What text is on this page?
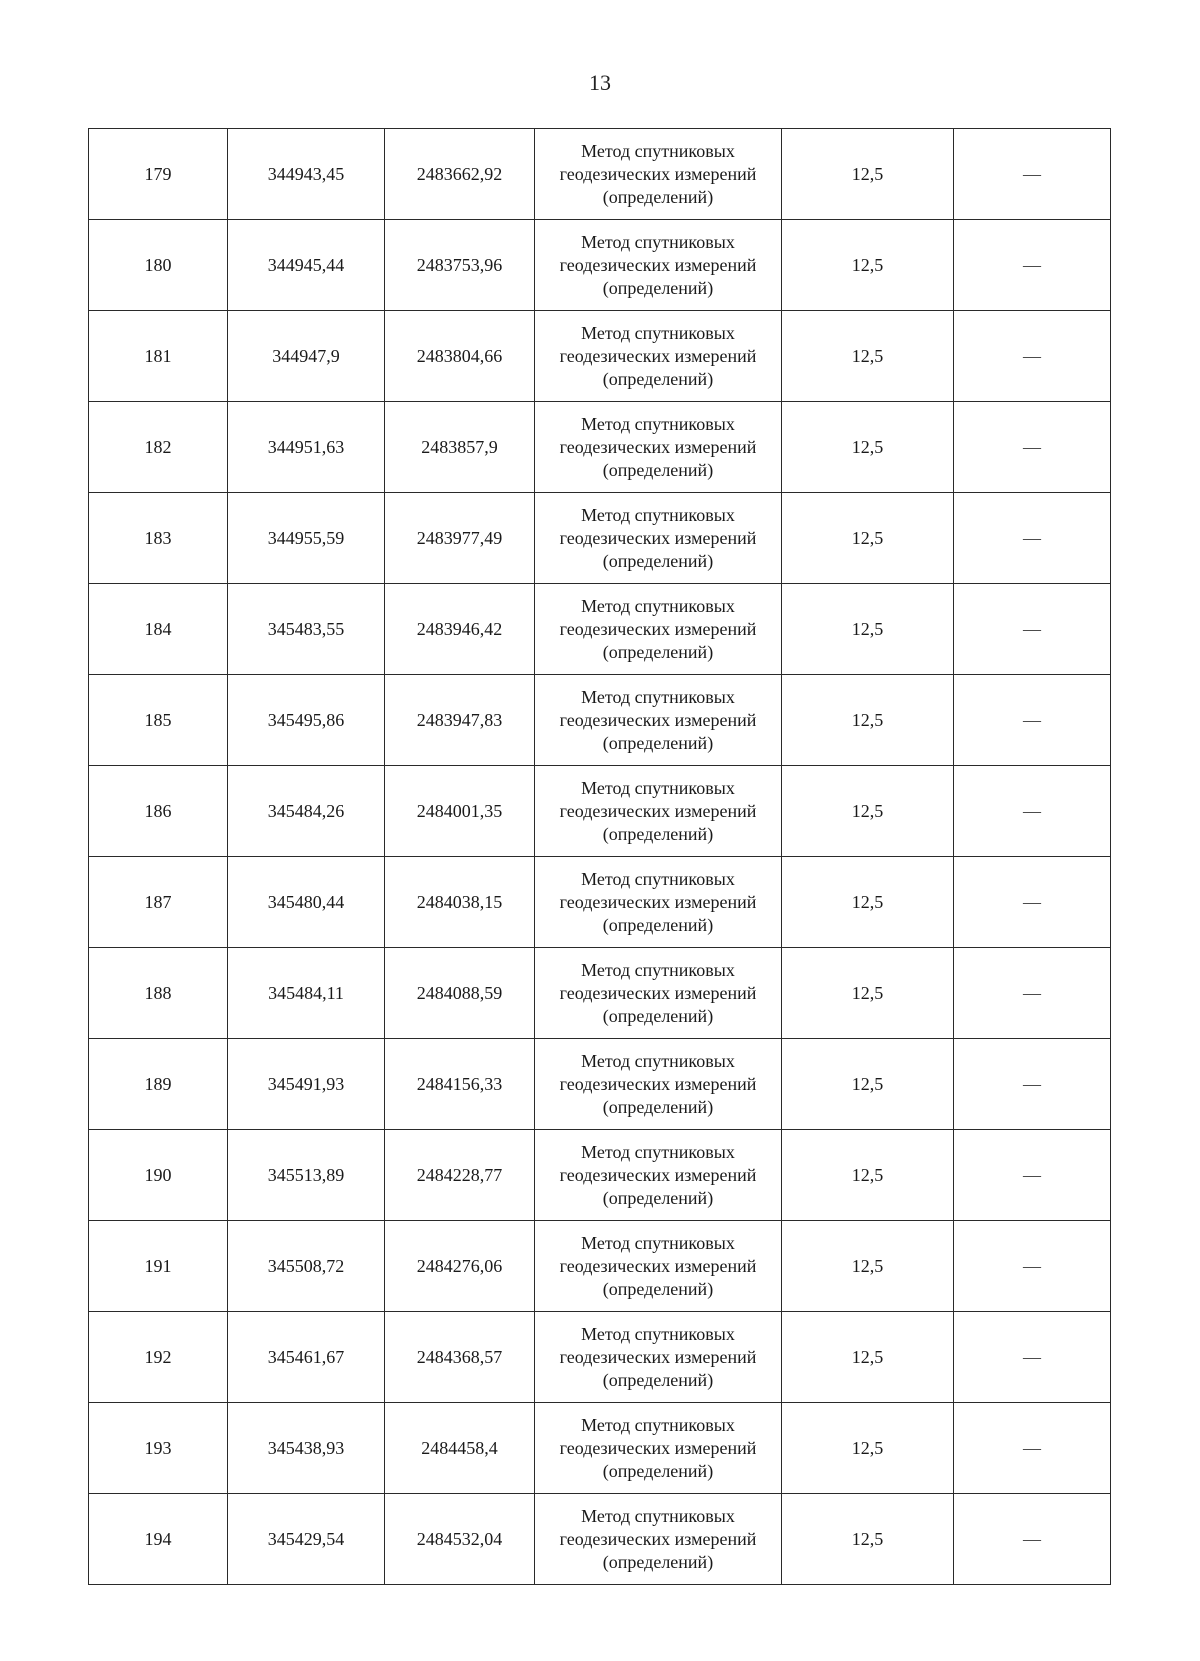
13
179	344943,45	2483662,92	Метод спутниковых
геодезических измерений
(определений)	12,5	—
180	344945,44	2483753,96	Метод спутниковых
геодезических измерений
(определений)	12,5	—
181	344947,9	2483804,66	Метод спутниковых
геодезических измерений
(определений)	12,5	—
182	344951,63	2483857,9	Метод спутниковых
геодезических измерений
(определений)	12,5	—
183	344955,59	2483977,49	Метод спутниковых
геодезических измерений
(определений)	12,5	—
184	345483,55	2483946,42	Метод спутниковых
геодезических измерений
(определений)	12,5	—
185	345495,86	2483947,83	Метод спутниковых
геодезических измерений
(определений)	12,5	—
186	345484,26	2484001,35	Метод спутниковых
геодезических измерений
(определений)	12,5	—
187	345480,44	2484038,15	Метод спутниковых
геодезических измерений
(определений)	12,5	—
188	345484,11	2484088,59	Метод спутниковых
геодезических измерений
(определений)	12,5	—
189	345491,93	2484156,33	Метод спутниковых
геодезических измерений
(определений)	12,5	—
190	345513,89	2484228,77	Метод спутниковых
геодезических измерений
(определений)	12,5	—
191	345508,72	2484276,06	Метод спутниковых
геодезических измерений
(определений)	12,5	—
192	345461,67	2484368,57	Метод спутниковых
геодезических измерений
(определений)	12,5	—
193	345438,93	2484458,4	Метод спутниковых
геодезических измерений
(определений)	12,5	—
194	345429,54	2484532,04	Метод спутниковых
геодезических измерений
(определений)	12,5	—
